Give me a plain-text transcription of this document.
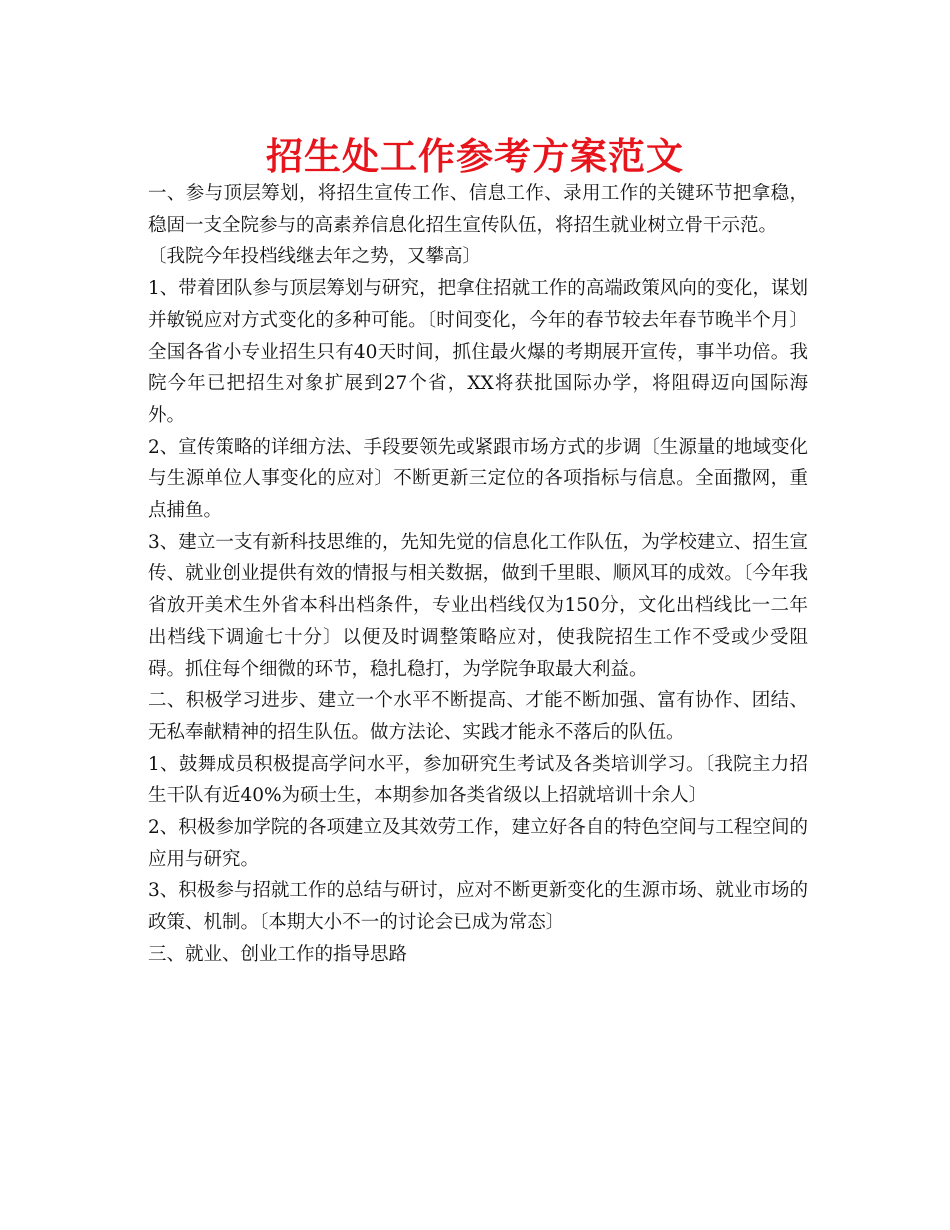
招生处工作参考方案范文

一、参与顶层筹划，将招生宣传工作、信息工作、录用工作的关键环节把拿稳，稳固一支全院参与的高素养信息化招生宣传队伍，将招生就业树立骨干示范。

〔我院今年投档线继去年之势，又攀高〕

1、带着团队参与顶层筹划与研究，把拿住招就工作的高端政策风向的变化，谋划并敏锐应对方式变化的多种可能。〔时间变化，今年的春节较去年春节晚半个月〕全国各省小专业招生只有40天时间，抓住最火爆的考期展开宣传，事半功倍。我院今年已把招生对象扩展到27个省，XX将获批国际办学，将阻碍迈向国际海外。

2、宣传策略的详细方法、手段要领先或紧跟市场方式的步调〔生源量的地域变化与生源单位人事变化的应对〕不断更新三定位的各项指标与信息。全面撒网，重点捕鱼。

3、建立一支有新科技思维的，先知先觉的信息化工作队伍，为学校建立、招生宣传、就业创业提供有效的情报与相关数据，做到千里眼、顺风耳的成效。〔今年我省放开美术生外省本科出档条件，专业出档线仅为150分，文化出档线比一二年出档线下调逾七十分〕以便及时调整策略应对，使我院招生工作不受或少受阻碍。抓住每个细微的环节，稳扎稳打，为学院争取最大利益。

二、积极学习进步、建立一个水平不断提高、才能不断加强、富有协作、团结、无私奉献精神的招生队伍。做方法论、实践才能永不落后的队伍。

1、鼓舞成员积极提高学问水平，参加研究生考试及各类培训学习。〔我院主力招生干队有近40%为硕士生，本期参加各类省级以上招就培训十余人〕

2、积极参加学院的各项建立及其效劳工作，建立好各自的特色空间与工程空间的应用与研究。

3、积极参与招就工作的总结与研讨，应对不断更新变化的生源市场、就业市场的政策、机制。〔本期大小不一的讨论会已成为常态〕

三、就业、创业工作的指导思路
